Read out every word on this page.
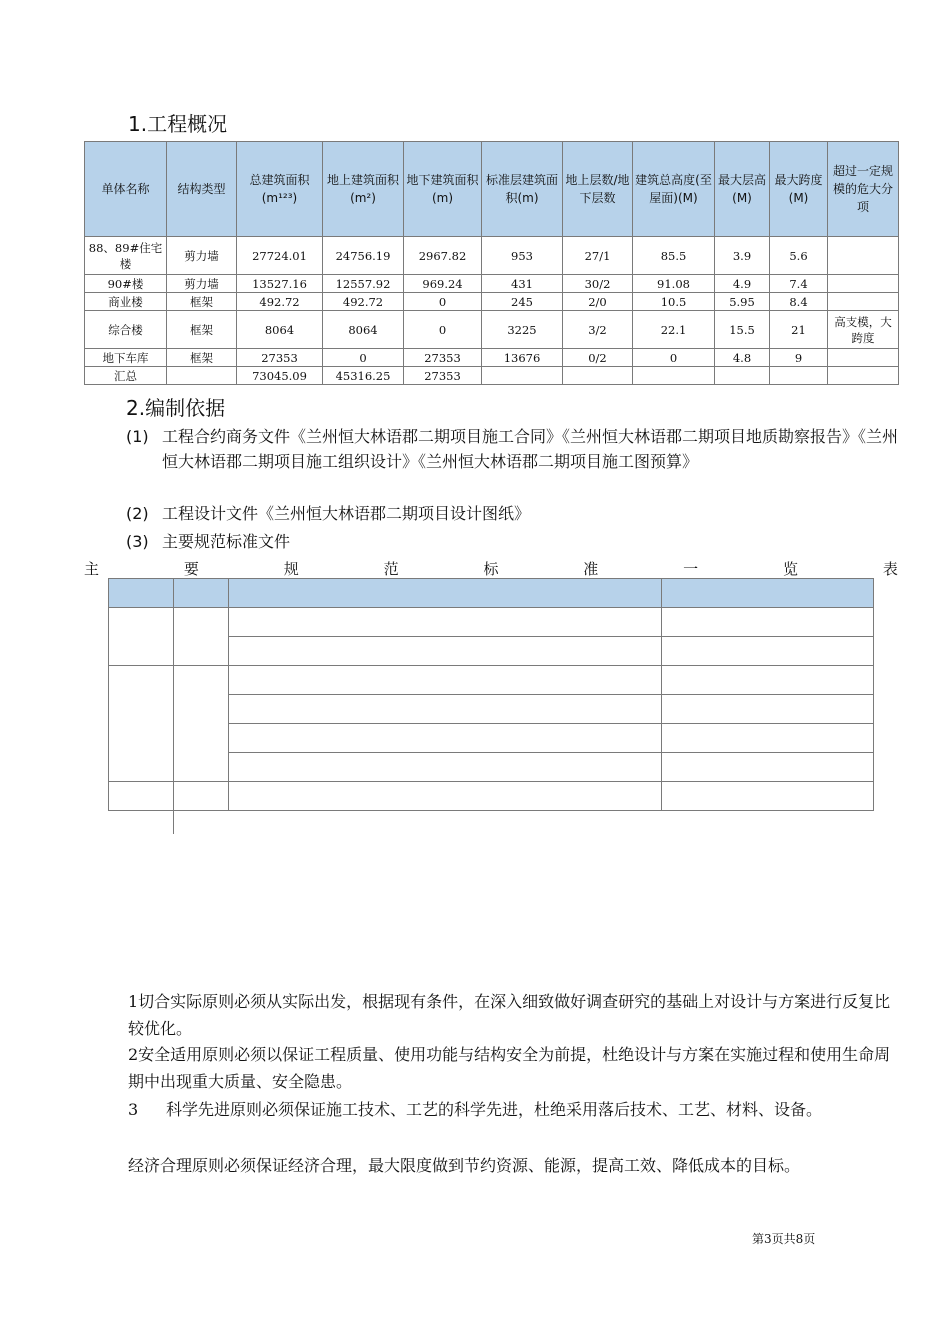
1.工程概况
单体名称	结构类型	总建筑面积(m¹²³)	地上建筑面积(m²)	地下建筑面积(m)	标准层建筑面积(m)	地上层数/地下层数	建筑总高度(至屋面)(M)	最大层高(M)	最大跨度(M)	超过一定规模的危大分项
88、89#住宅楼	剪力墙	27724.01	24756.19	2967.82	953	27/1	85.5	3.9	5.6	
90#楼	剪力墙	13527.16	12557.92	969.24	431	30/2	91.08	4.9	7.4	
商业楼	框架	492.72	492.72	0	245	2/0	10.5	5.95	8.4	
综合楼	框架	8064	8064	0	3225	3/2	22.1	15.5	21	高支模，大跨度
地下车库	框架	27353	0	27353	13676	0/2	0	4.8	9	
汇总		73045.09	45316.25	27353						
2.编制依据
(1) 工程合约商务文件《兰州恒大林语郡二期项目施工合同》《兰州恒大林语郡二期项目地质勘察报告》《兰州恒大林语郡二期项目施工组织设计》《兰州恒大林语郡二期项目施工图预算》
(2) 工程设计文件《兰州恒大林语郡二期项目设计图纸》
(3) 主要规范标准文件
主	要	规	范	标	准	一	览	表

1切合实际原则必须从实际出发，根据现有条件，在深入细致做好调查研究的基础上对设计与方案进行反复比较优化。
2安全适用原则必须以保证工程质量、使用功能与结构安全为前提，杜绝设计与方案在实施过程和使用生命周期中出现重大质量、安全隐患。
3	科学先进原则必须保证施工技术、工艺的科学先进，杜绝采用落后技术、工艺、材料、设备。
经济合理原则必须保证经济合理，最大限度做到节约资源、能源，提高工效、降低成本的目标。
第3页共8页
